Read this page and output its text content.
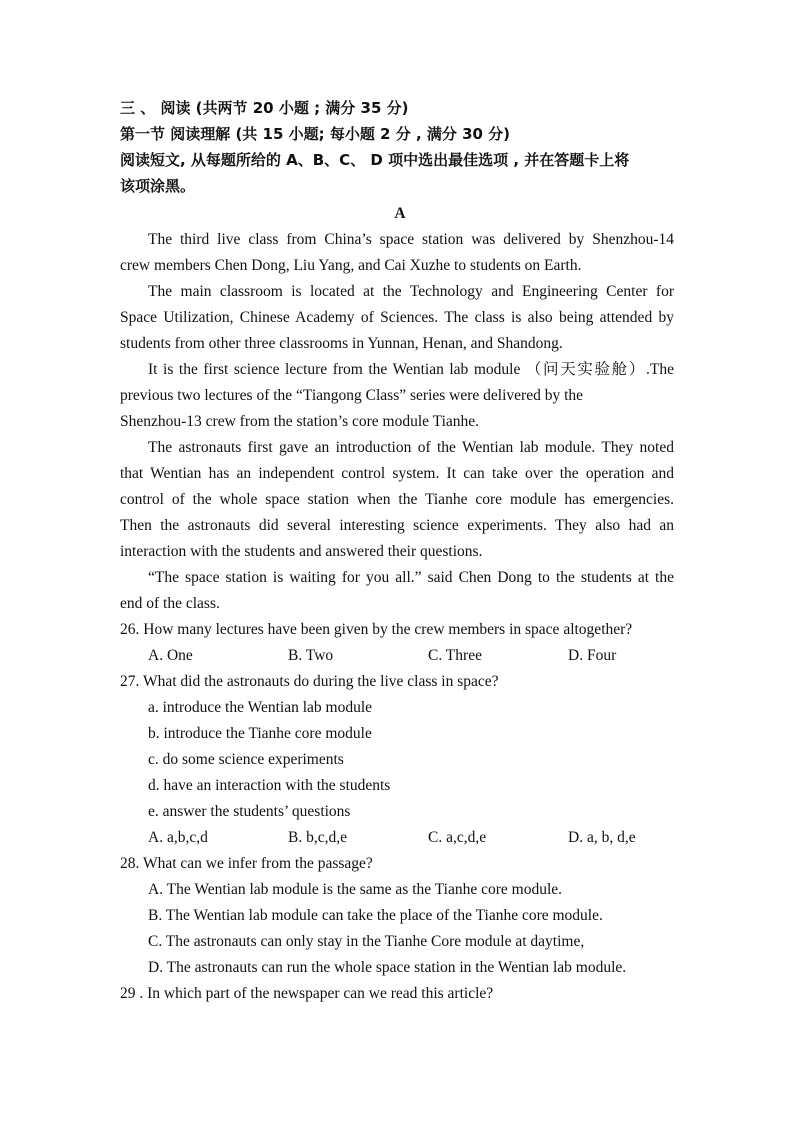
三 、 阅读 (共两节 20 小题 ; 满分 35 分)
第一节 阅读理解 (共 15 小题; 每小题 2 分 , 满分 30 分)
阅读短文, 从每题所给的 A、B、C、 D 项中选出最佳选项 , 并在答题卡上将
该项涂黑。
A
The third live class from China’s space station was delivered by Shenzhou-14
crew members Chen Dong, Liu Yang, and Cai Xuzhe to students on Earth.
The main classroom is located at the Technology and Engineering Center for
Space Utilization, Chinese Academy of Sciences. The class is also being attended by
students from other three classrooms in Yunnan, Henan, and Shandong.
It is the first science lecture from the Wentian lab module （问天实验舱）.The
previous two lectures of the “Tiangong Class” series were delivered by the
Shenzhou-13 crew from the station’s core module Tianhe.
The astronauts first gave an introduction of the Wentian lab module. They noted
that Wentian has an independent control system. It can take over the operation and
control of the whole space station when the Tianhe core module has emergencies.
Then the astronauts did several interesting science experiments. They also had an
interaction with the students and answered their questions.
“The space station is waiting for you all.” said Chen Dong to the students at the
end of the class.
26. How many lectures have been given by the crew members in space altogether?
A. One	B. Two	C. Three	D. Four
27. What did the astronauts do during the live class in space?
a. introduce the Wentian lab module
b. introduce the Tianhe core module
c. do some science experiments
d. have an interaction with the students
e. answer the students’ questions
A. a,b,c,d	B. b,c,d,e	C. a,c,d,e	D. a, b, d,e
28. What can we infer from the passage?
A. The Wentian lab module is the same as the Tianhe core module.
B. The Wentian lab module can take the place of the Tianhe core module.
C. The astronauts can only stay in the Tianhe Core module at daytime,
D. The astronauts can run the whole space station in the Wentian lab module.
29 . In which part of the newspaper can we read this article?
